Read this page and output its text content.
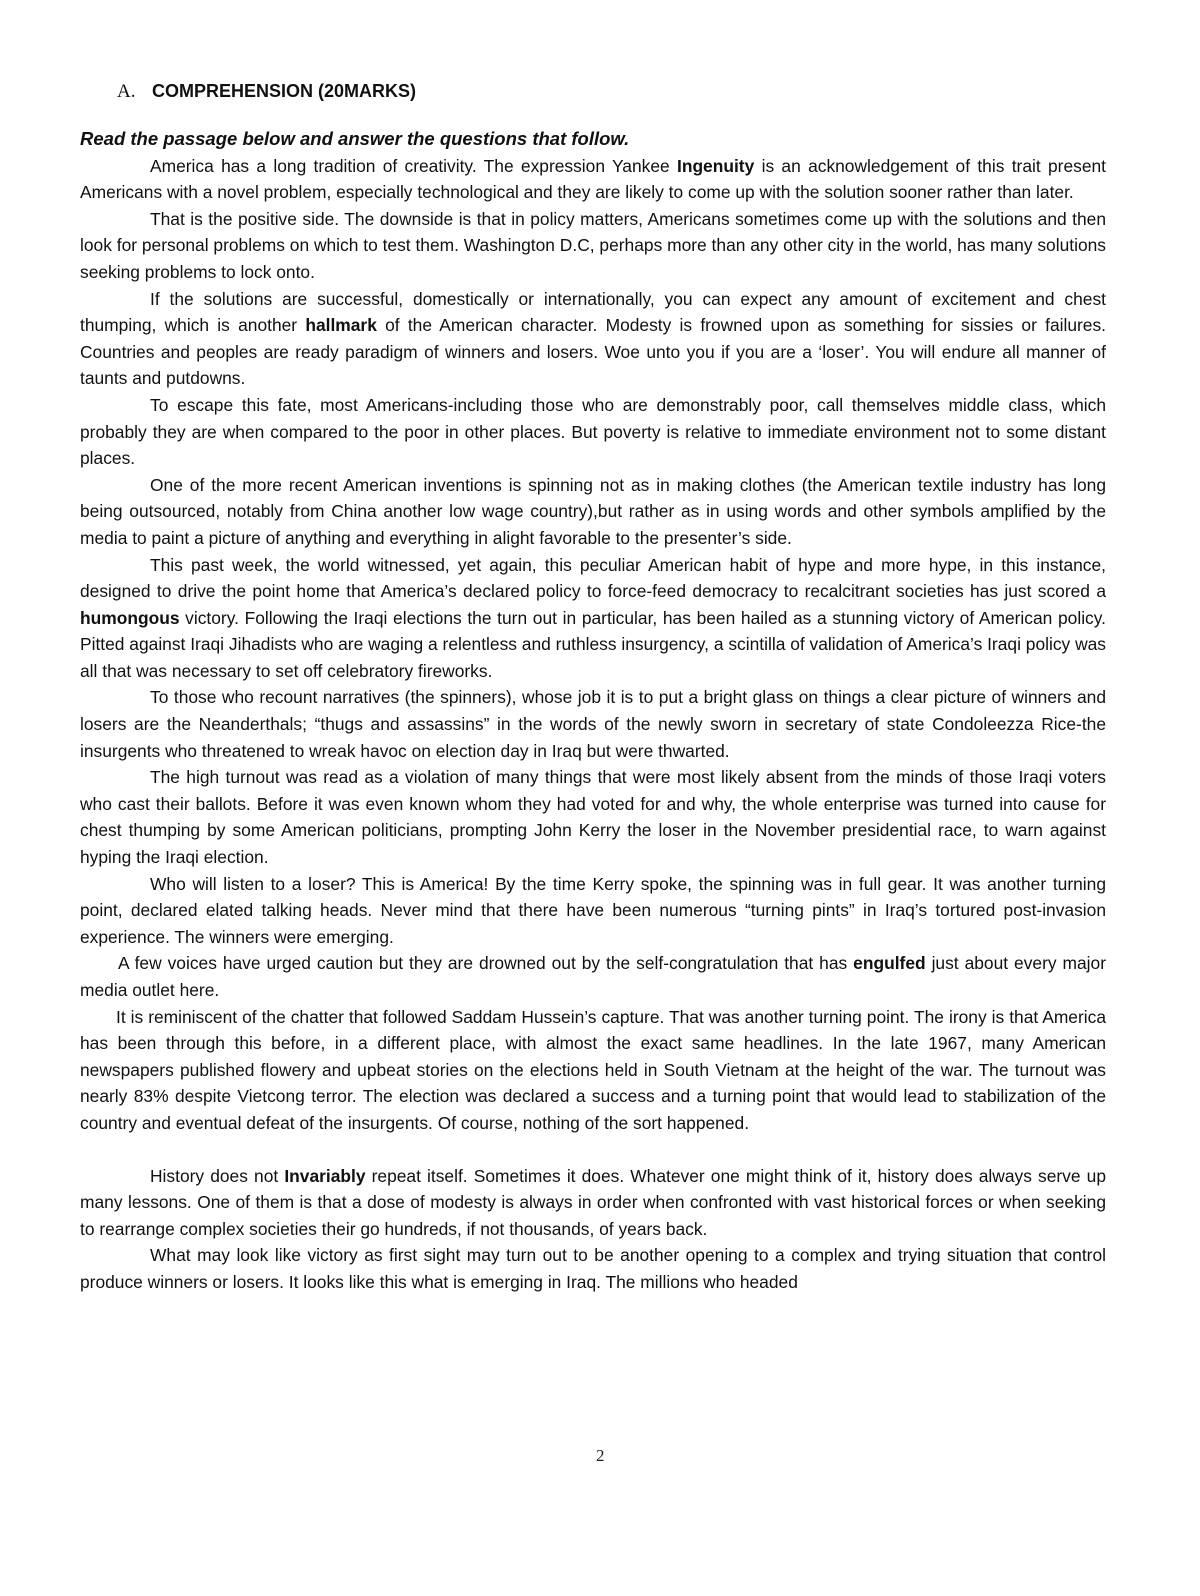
A. COMPREHENSION (20MARKS)

Read the passage below and answer the questions that follow.

America has a long tradition of creativity. The expression Yankee Ingenuity is an acknowledgement of this trait present Americans with a novel problem, especially technological and they are likely to come up with the solution sooner rather than later.

That is the positive side. The downside is that in policy matters, Americans sometimes come up with the solutions and then look for personal problems on which to test them. Washington D.C, perhaps more than any other city in the world, has many solutions seeking problems to lock onto.

If the solutions are successful, domestically or internationally, you can expect any amount of excitement and chest thumping, which is another hallmark of the American character. Modesty is frowned upon as something for sissies or failures. Countries and peoples are ready paradigm of winners and losers. Woe unto you if you are a ‘loser’. You will endure all manner of taunts and putdowns.

To escape this fate, most Americans-including those who are demonstrably poor, call themselves middle class, which probably they are when compared to the poor in other places. But poverty is relative to immediate environment not to some distant places.

One of the more recent American inventions is spinning not as in making clothes (the American textile industry has long being outsourced, notably from China another low wage country),but rather as in using words and other symbols amplified by the media to paint a picture of anything and everything in alight favorable to the presenter’s side.

This past week, the world witnessed, yet again, this peculiar American habit of hype and more hype, in this instance, designed to drive the point home that America’s declared policy to force-feed democracy to recalcitrant societies has just scored a humongous victory. Following the Iraqi elections the turn out in particular, has been hailed as a stunning victory of American policy. Pitted against Iraqi Jihadists who are waging a relentless and ruthless insurgency, a scintilla of validation of America’s Iraqi policy was all that was necessary to set off celebratory fireworks.

To those who recount narratives (the spinners), whose job it is to put a bright glass on things a clear picture of winners and losers are the Neanderthals; “thugs and assassins” in the words of the newly sworn in secretary of state Condoleezza Rice-the insurgents who threatened to wreak havoc on election day in Iraq but were thwarted.

The high turnout was read as a violation of many things that were most likely absent from the minds of those Iraqi voters who cast their ballots. Before it was even known whom they had voted for and why, the whole enterprise was turned into cause for chest thumping by some American politicians, prompting John Kerry the loser in the November presidential race, to warn against hyping the Iraqi election.

Who will listen to a loser? This is America! By the time Kerry spoke, the spinning was in full gear. It was another turning point, declared elated talking heads. Never mind that there have been numerous “turning pints” in Iraq’s tortured post-invasion experience. The winners were emerging.

A few voices have urged caution but they are drowned out by the self-congratulation that has engulfed just about every major media outlet here.

It is reminiscent of the chatter that followed Saddam Hussein’s capture. That was another turning point. The irony is that America has been through this before, in a different place, with almost the exact same headlines. In the late 1967, many American newspapers published flowery and upbeat stories on the elections held in South Vietnam at the height of the war. The turnout was nearly 83% despite Vietcong terror. The election was declared a success and a turning point that would lead to stabilization of the country and eventual defeat of the insurgents. Of course, nothing of the sort happened.

History does not Invariably repeat itself. Sometimes it does. Whatever one might think of it, history does always serve up many lessons. One of them is that a dose of modesty is always in order when confronted with vast historical forces or when seeking to rearrange complex societies their go hundreds, if not thousands, of years back.

What may look like victory as first sight may turn out to be another opening to a complex and trying situation that control produce winners or losers. It looks like this what is emerging in Iraq. The millions who headed

2
